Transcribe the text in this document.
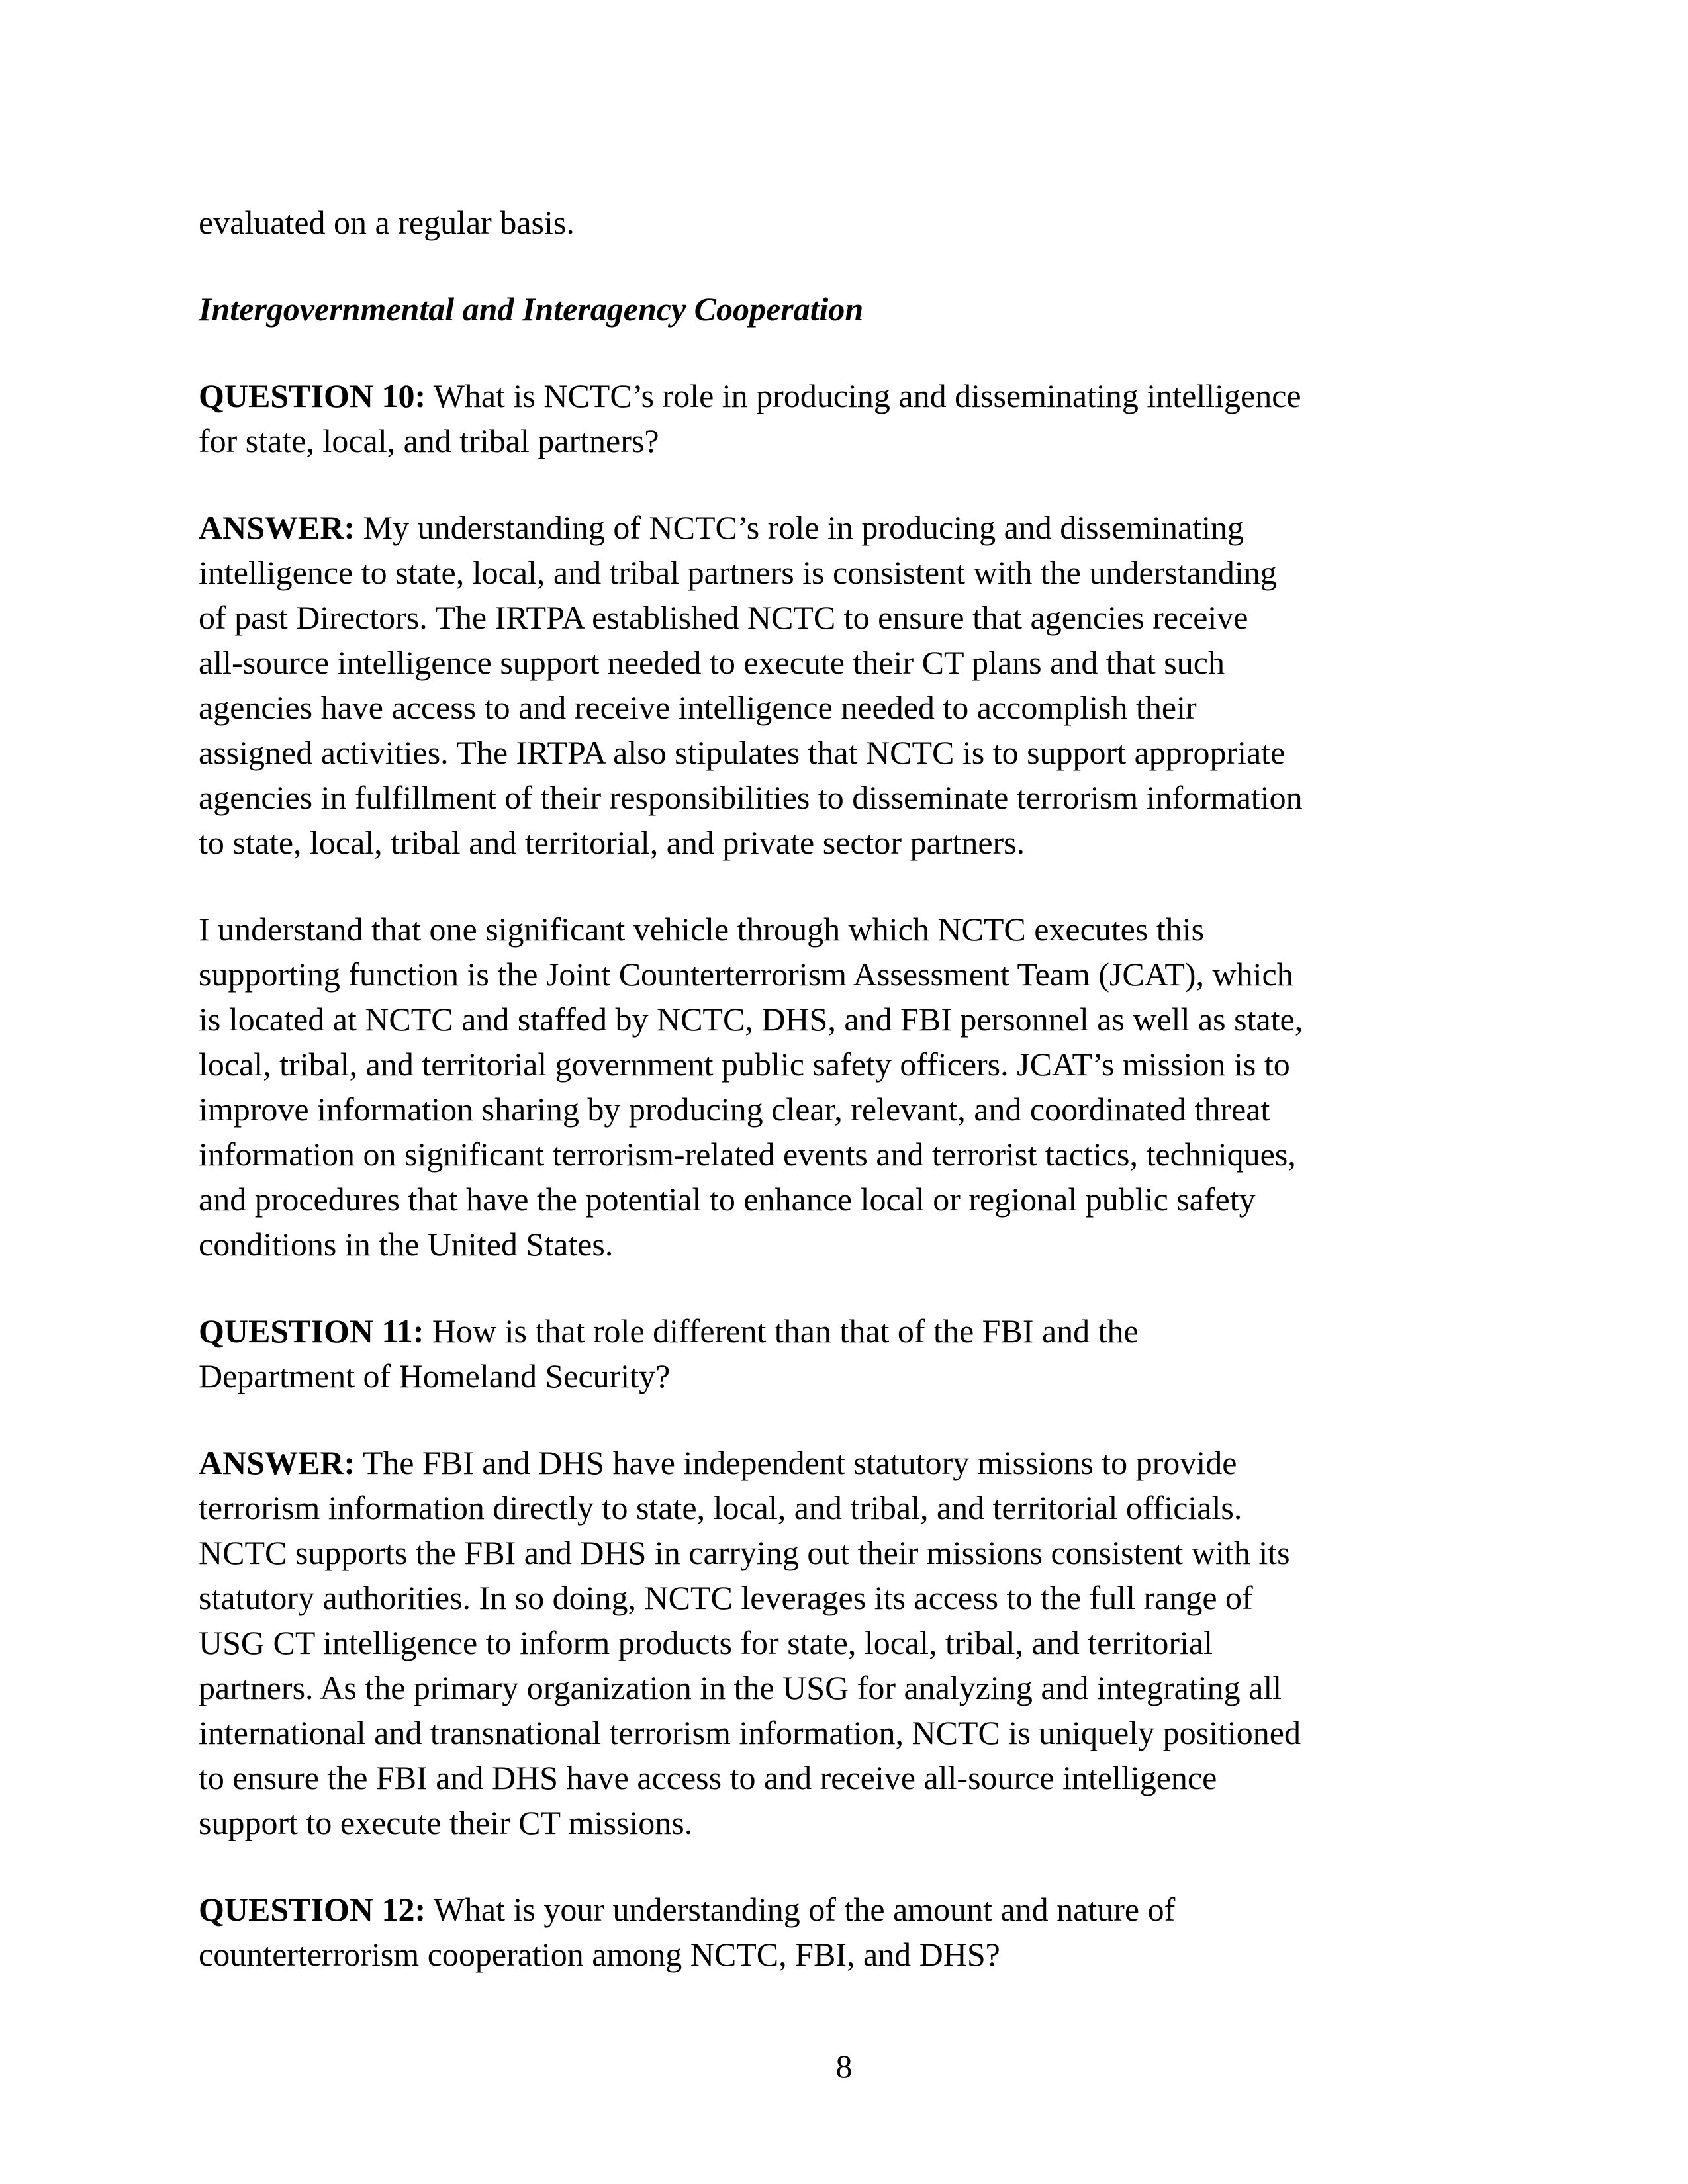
evaluated on a regular basis.
Intergovernmental and Interagency Cooperation
QUESTION 10: What is NCTC’s role in producing and disseminating intelligence
for state, local, and tribal partners?
ANSWER: My understanding of NCTC’s role in producing and disseminating
intelligence to state, local, and tribal partners is consistent with the understanding
of past Directors. The IRTPA established NCTC to ensure that agencies receive
all-source intelligence support needed to execute their CT plans and that such
agencies have access to and receive intelligence needed to accomplish their
assigned activities. The IRTPA also stipulates that NCTC is to support appropriate
agencies in fulfillment of their responsibilities to disseminate terrorism information
to state, local, tribal and territorial, and private sector partners.
I understand that one significant vehicle through which NCTC executes this
supporting function is the Joint Counterterrorism Assessment Team (JCAT), which
is located at NCTC and staffed by NCTC, DHS, and FBI personnel as well as state,
local, tribal, and territorial government public safety officers. JCAT’s mission is to
improve information sharing by producing clear, relevant, and coordinated threat
information on significant terrorism-related events and terrorist tactics, techniques,
and procedures that have the potential to enhance local or regional public safety
conditions in the United States.
QUESTION 11: How is that role different than that of the FBI and the
Department of Homeland Security?
ANSWER: The FBI and DHS have independent statutory missions to provide
terrorism information directly to state, local, and tribal, and territorial officials.
NCTC supports the FBI and DHS in carrying out their missions consistent with its
statutory authorities. In so doing, NCTC leverages its access to the full range of
USG CT intelligence to inform products for state, local, tribal, and territorial
partners. As the primary organization in the USG for analyzing and integrating all
international and transnational terrorism information, NCTC is uniquely positioned
to ensure the FBI and DHS have access to and receive all-source intelligence
support to execute their CT missions.
QUESTION 12: What is your understanding of the amount and nature of
counterterrorism cooperation among NCTC, FBI, and DHS?
8
